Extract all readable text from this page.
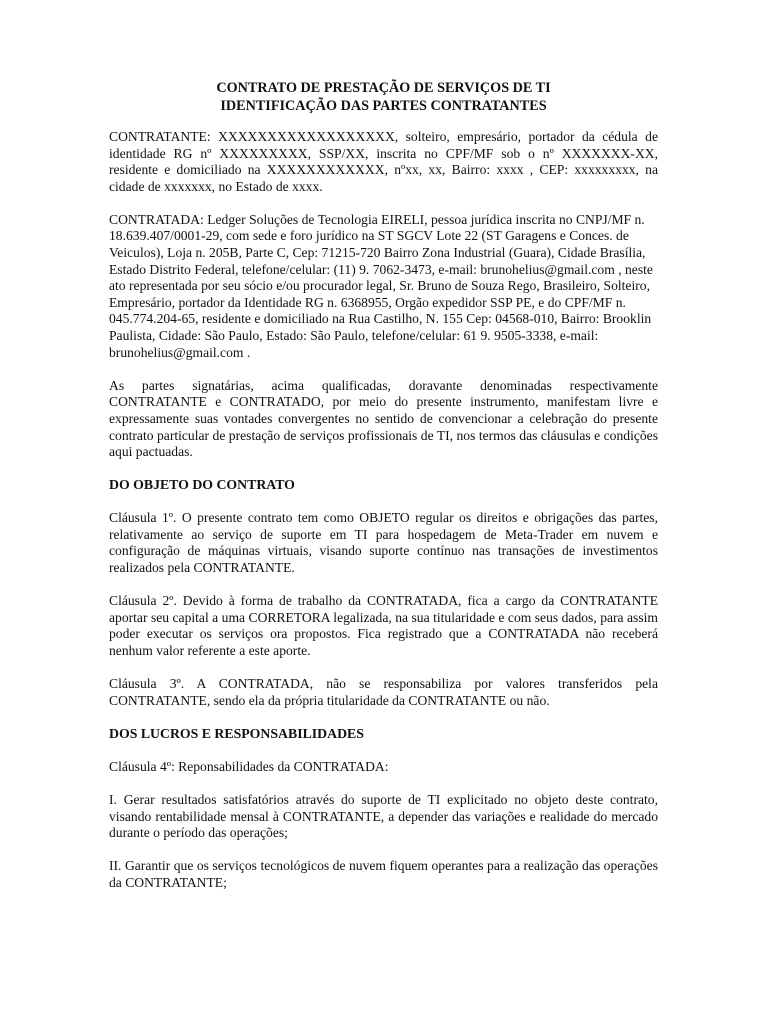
CONTRATO DE PRESTAÇÃO DE SERVIÇOS DE TI
IDENTIFICAÇÃO DAS PARTES CONTRATANTES

CONTRATANTE: XXXXXXXXXXXXXXXXXX, solteiro, empresário, portador da cédula de identidade RG nº XXXXXXXXX, SSP/XX, inscrita no CPF/MF sob o nº XXXXXXX-XX, residente e domiciliado na XXXXXXXXXXXX, nºxx, xx, Bairro: xxxx , CEP: xxxxxxxxx, na cidade de xxxxxxx, no Estado de xxxx.

CONTRATADA: Ledger Soluções de Tecnologia EIRELI, pessoa jurídica inscrita no CNPJ/MF n. 18.639.407/0001-29, com sede e foro jurídico na ST SGCV Lote 22 (ST Garagens e Conces. de Veiculos), Loja n. 205B, Parte C, Cep: 71215-720 Bairro Zona Industrial (Guara), Cidade Brasília, Estado Distrito Federal, telefone/celular: (11) 9. 7062-3473, e-mail: brunohelius@gmail.com , neste ato representada por seu sócio e/ou procurador legal, Sr. Bruno de Souza Rego, Brasileiro, Solteiro, Empresário, portador da Identidade RG n. 6368955, Orgão expedidor SSP PE, e do CPF/MF n. 045.774.204-65, residente e domiciliado na Rua Castilho, N. 155 Cep: 04568-010, Bairro: Brooklin Paulista, Cidade: São Paulo, Estado: São Paulo, telefone/celular: 61 9. 9505-3338, e-mail: brunohelius@gmail.com .

As partes signatárias, acima qualificadas, doravante denominadas respectivamente CONTRATANTE e CONTRATADO, por meio do presente instrumento, manifestam livre e expressamente suas vontades convergentes no sentido de convencionar a celebração do presente contrato particular de prestação de serviços profissionais de TI, nos termos das cláusulas e condições aqui pactuadas.

DO OBJETO DO CONTRATO

Cláusula 1º. O presente contrato tem como OBJETO regular os direitos e obrigações das partes, relativamente ao serviço de suporte em TI para hospedagem de Meta-Trader em nuvem e configuração de máquinas virtuais, visando suporte contínuo nas transações de investimentos realizados pela CONTRATANTE.

Cláusula 2º. Devido à forma de trabalho da CONTRATADA, fica a cargo da CONTRATANTE aportar seu capital a uma CORRETORA legalizada, na sua titularidade e com seus dados, para assim poder executar os serviços ora propostos. Fica registrado que a CONTRATADA não receberá nenhum valor referente a este aporte.

Cláusula 3º. A CONTRATADA, não se responsabiliza por valores transferidos pela CONTRATANTE, sendo ela da própria titularidade da CONTRATANTE ou não.

DOS LUCROS E RESPONSABILIDADES

Cláusula 4º: Reponsabilidades da CONTRATADA:

I. Gerar resultados satisfatórios através do suporte de TI explicitado no objeto deste contrato, visando rentabilidade mensal à CONTRATANTE, a depender das variações e realidade do mercado durante o período das operações;

II. Garantir que os serviços tecnológicos de nuvem fiquem operantes para a realização das operações da CONTRATANTE;
